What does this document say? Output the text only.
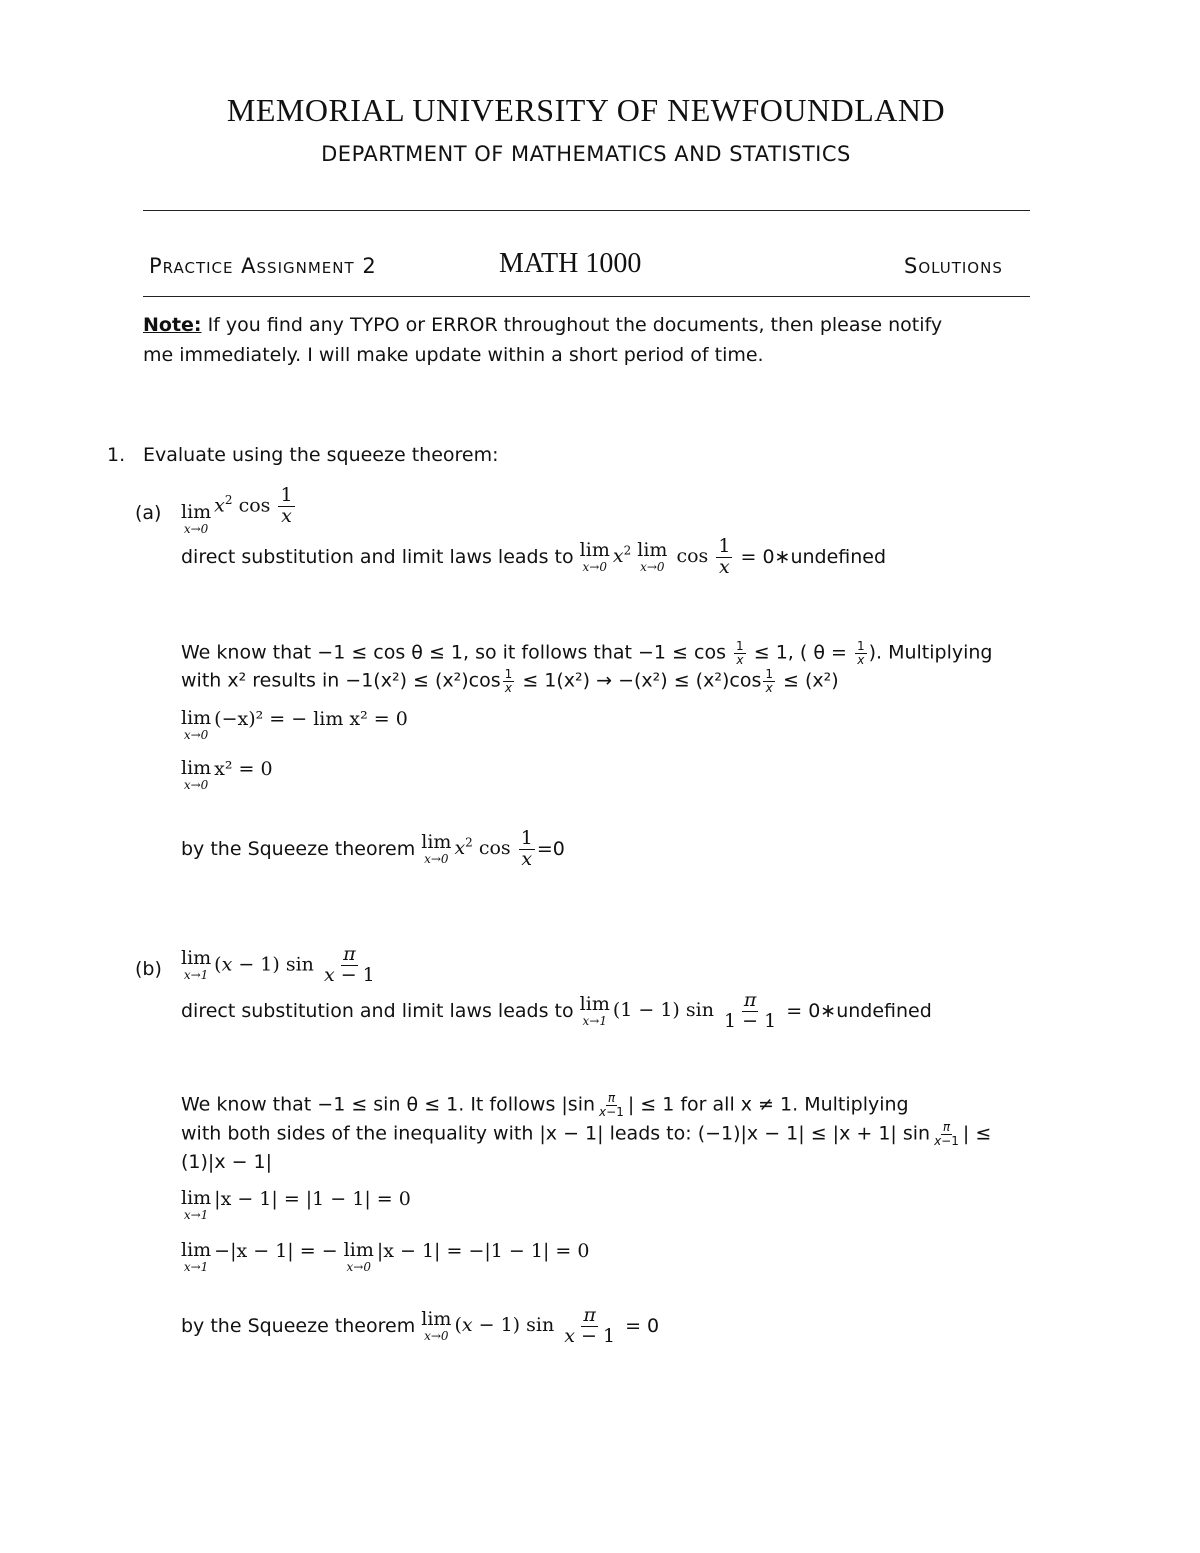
MEMORIAL UNIVERSITY OF NEWFOUNDLAND
DEPARTMENT OF MATHEMATICS AND STATISTICS
Practice Assignment 2	MATH 1000	Solutions
Note: If you find any TYPO or ERROR throughout the documents, then please notify
me immediately. I will make update within a short period of time.
1. Evaluate using the squeeze theorem:
(a) lim
x→0
$x^2$ $\cos \frac{1}{x}$
direct substitution and limit laws leads to lim
x→0 $x^2$ lim
x→0 $\cos \frac{1}{x}$ = 0∗undefined
We know that −1 ≤ cos θ ≤ 1, so it follows that $-1 \le \cos \frac{1}{x} \le 1$, ( $\theta = \frac{1}{x}$ ). Multiplying
with x² results in $-1(x^2) \le (x^2)\cos \frac{1}{x} \le 1(x^2) \to -(x^2) \le (x^2)\cos \frac{1}{x} \le (x^2)$
lim
x→0
(−x)² = − lim x² = 0
lim
x→0
x² = 0
by the Squeeze theorem lim
x→0 $x^2$ $\cos \frac{1}{x} =0$
(b) lim
x→1 (x − 1) $\sin \frac{\pi}{x - 1}$
direct substitution and limit laws leads to lim
x→1 (1 − 1) $\sin \frac{\pi}{1 - 1}$ = 0∗undefined
We know that −1 ≤ sin θ ≤ 1. It follows $|\sin \frac{\pi}{x-1}$ | ≤ 1 for all x ≠ 1. Multiplying
with both sides of the inequality with |x − 1| leads to: (−1)|x − 1| ≤ |x + 1| $\sin \frac{\pi}{x-1}$ | ≤
(1)|x − 1|
lim
x→1
|x − 1| = |1 − 1| = 0
lim
x→1
−|x − 1| = − lim
x→0
|x − 1| = −|1 − 1| = 0
by the Squeeze theorem lim
x→0 (x − 1) $\sin \frac{\pi}{x - 1} = 0$
